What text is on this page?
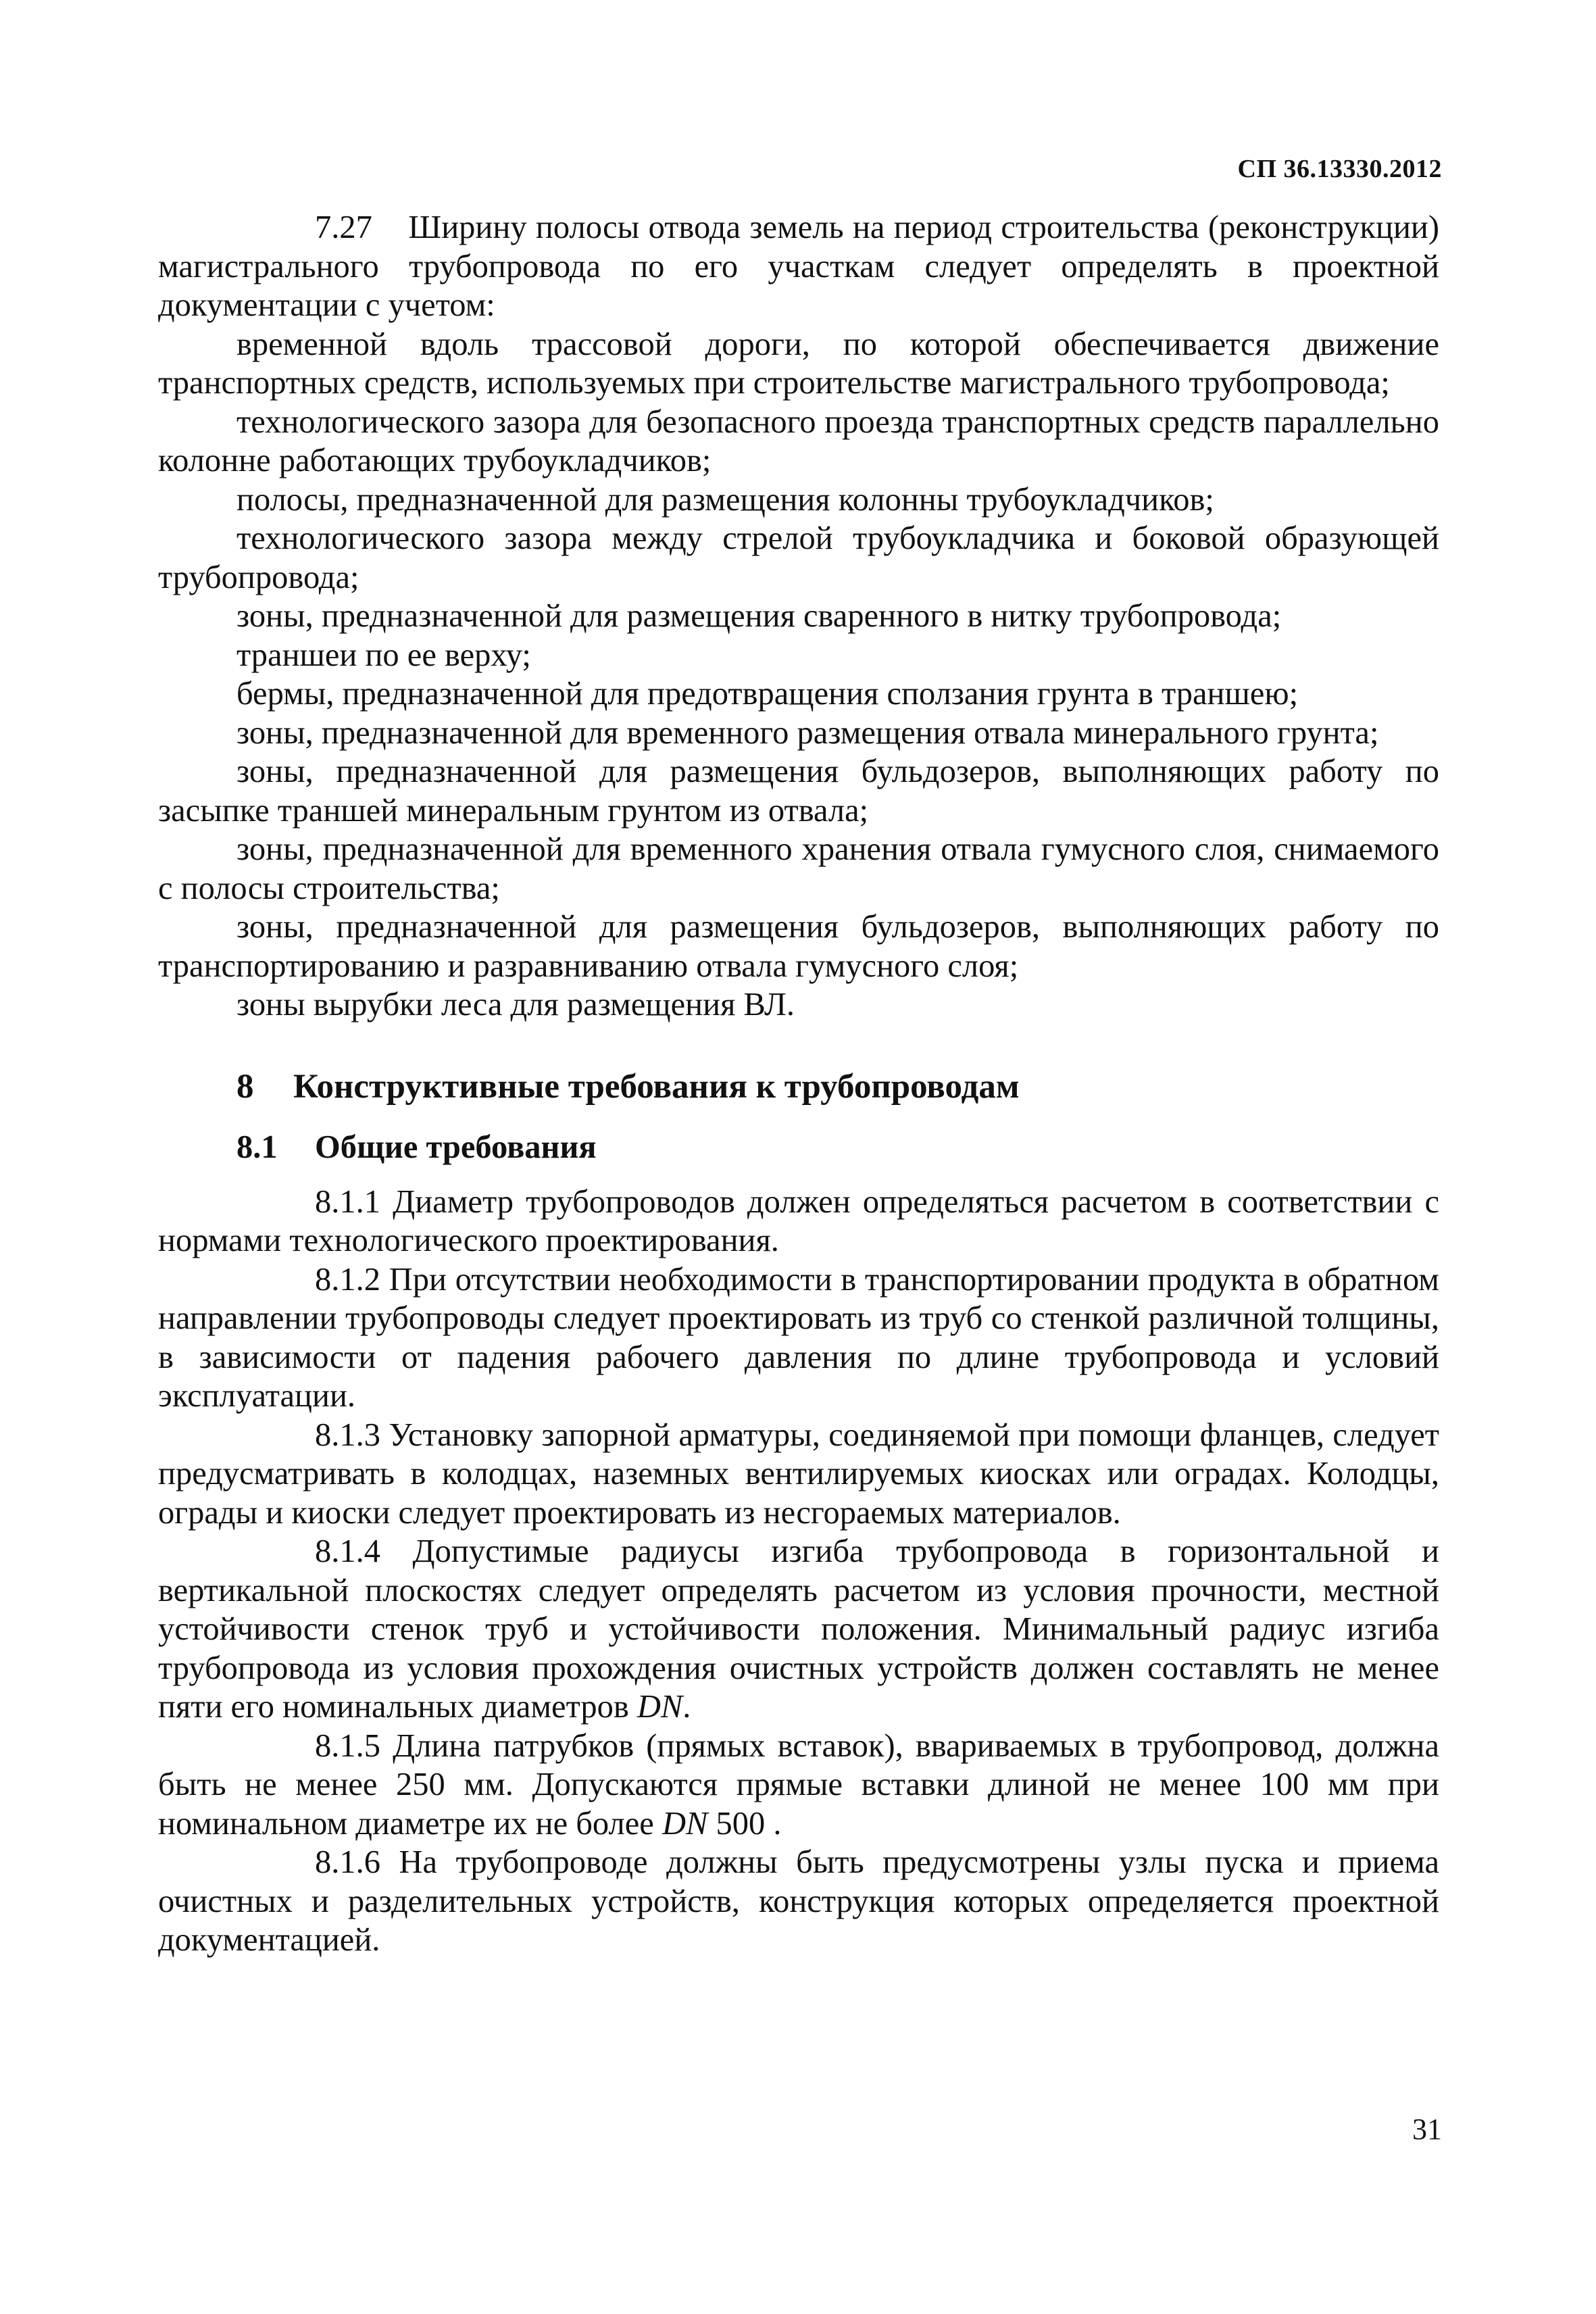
СП 36.13330.2012

7.27 Ширину полосы отвода земель на период строительства (реконструкции) магистрального трубопровода по его участкам следует определять в проектной документации с учетом:

временной вдоль трассовой дороги, по которой обеспечивается движение транспортных средств, используемых при строительстве магистрального трубопровода;

технологического зазора для безопасного проезда транспортных средств параллельно колонне работающих трубоукладчиков;

полосы, предназначенной для размещения колонны трубоукладчиков;

технологического зазора между стрелой трубоукладчика и боковой образующей трубопровода;

зоны, предназначенной для размещения сваренного в нитку трубопровода;

траншеи по ее верху;

бермы, предназначенной для предотвращения сползания грунта в траншею;

зоны, предназначенной для временного размещения отвала минерального грунта;

зоны, предназначенной для размещения бульдозеров, выполняющих работу по засыпке траншей минеральным грунтом из отвала;

зоны, предназначенной для временного хранения отвала гумусного слоя, снимаемого с полосы строительства;

зоны, предназначенной для размещения бульдозеров, выполняющих работу по транспортированию и разравниванию отвала гумусного слоя;

зоны вырубки леса для размещения ВЛ.

8 Конструктивные требования к трубопроводам
8.1 Общие требования

8.1.1 Диаметр трубопроводов должен определяться расчетом в соответствии с нормами технологического проектирования.

8.1.2 При отсутствии необходимости в транспортировании продукта в обратном направлении трубопроводы следует проектировать из труб со стенкой различной толщины, в зависимости от падения рабочего давления по длине трубопровода и условий эксплуатации.

8.1.3 Установку запорной арматуры, соединяемой при помощи фланцев, следует предусматривать в колодцах, наземных вентилируемых киосках или оградах. Колодцы, ограды и киоски следует проектировать из несгораемых материалов.

8.1.4 Допустимые радиусы изгиба трубопровода в горизонтальной и вертикальной плоскостях следует определять расчетом из условия прочности, местной устойчивости стенок труб и устойчивости положения. Минимальный радиус изгиба трубопровода из условия прохождения очистных устройств должен составлять не менее пяти его номинальных диаметров DN.

8.1.5 Длина патрубков (прямых вставок), ввариваемых в трубопровод, должна быть не менее 250 мм. Допускаются прямые вставки длиной не менее 100 мм при номинальном диаметре их не более DN 500 .

8.1.6 На трубопроводе должны быть предусмотрены узлы пуска и приема очистных и разделительных устройств, конструкция которых определяется проектной документацией.

31
